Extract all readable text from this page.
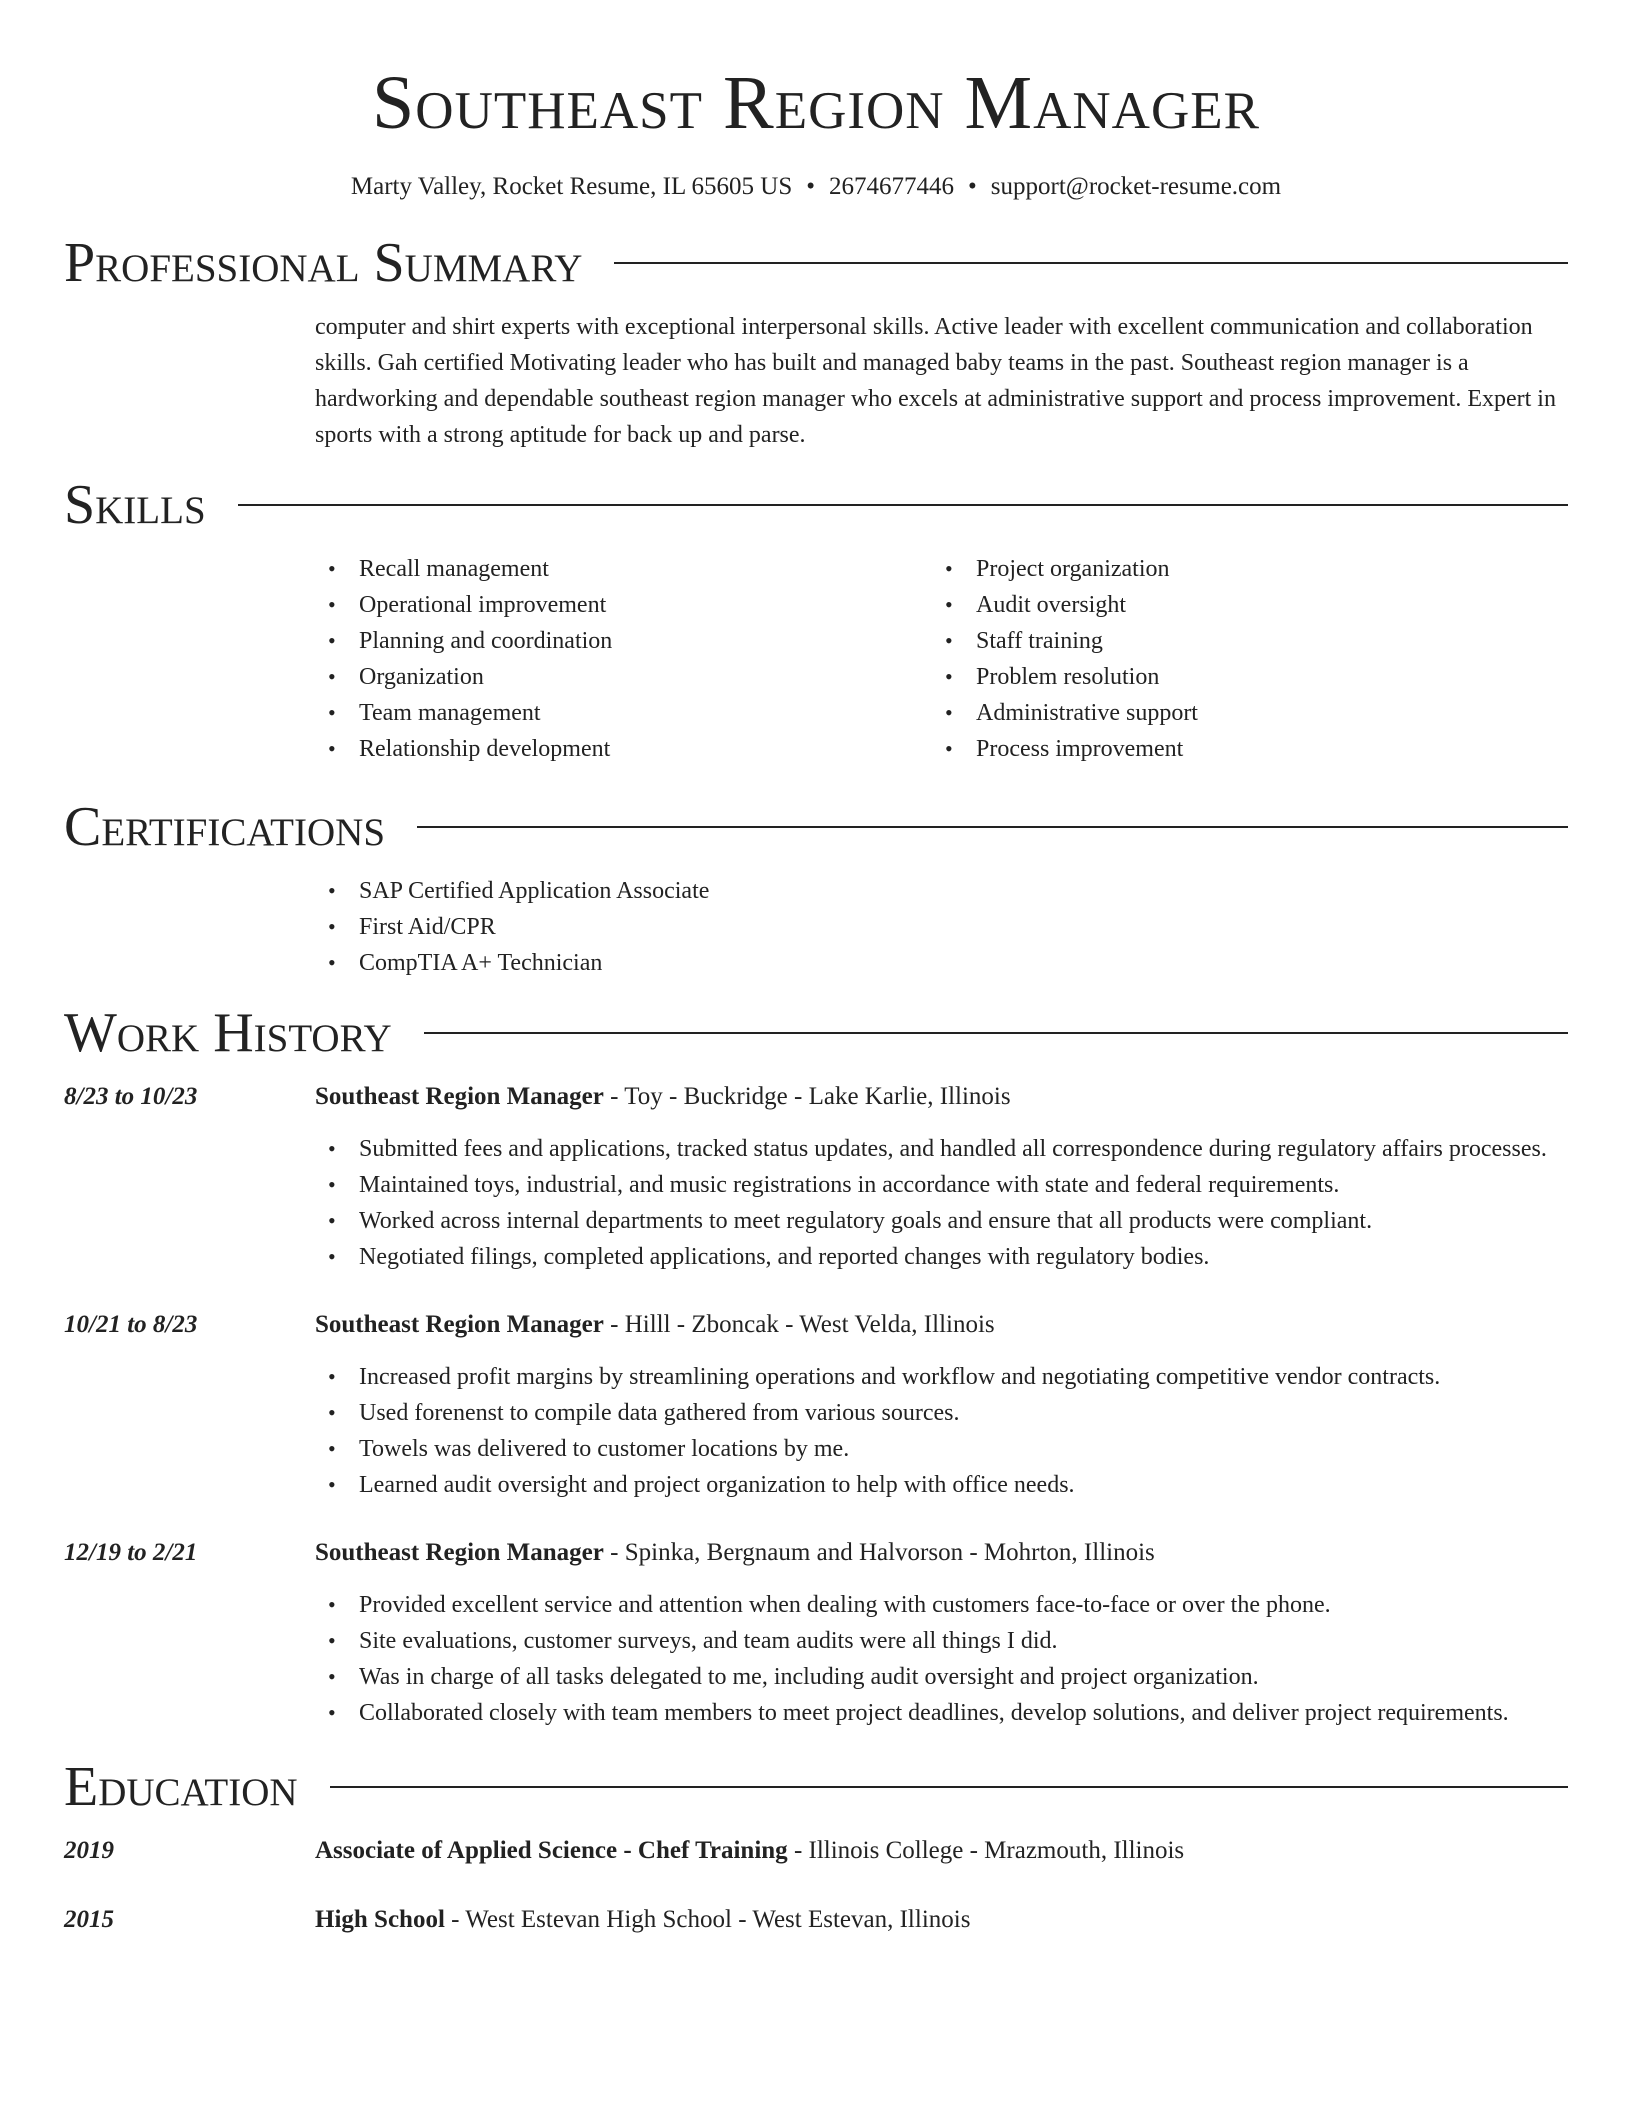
Southeast Region Manager
Marty Valley, Rocket Resume, IL 65605 US • 2674677446 • support@rocket-resume.com
Professional Summary

computer and shirt experts with exceptional interpersonal skills. Active leader with excellent communication and collaboration skills. Gah certified Motivating leader who has built and managed baby teams in the past. Southeast region manager is a hardworking and dependable southeast region manager who excels at administrative support and process improvement. Expert in sports with a strong aptitude for back up and parse.

Skills
• Recall management
• Operational improvement
• Planning and coordination
• Organization
• Team management
• Relationship development
• Project organization
• Audit oversight
• Staff training
• Problem resolution
• Administrative support
• Process improvement
Certifications
• SAP Certified Application Associate
• First Aid/CPR
• CompTIA A+ Technician
Work History
8/23 to 10/23	Southeast Region Manager - Toy - Buckridge - Lake Karlie, Illinois
• Submitted fees and applications, tracked status updates, and handled all correspondence during regulatory affairs processes.
• Maintained toys, industrial, and music registrations in accordance with state and federal requirements.
• Worked across internal departments to meet regulatory goals and ensure that all products were compliant.
• Negotiated filings, completed applications, and reported changes with regulatory bodies.
10/21 to 8/23	Southeast Region Manager - Hilll - Zboncak - West Velda, Illinois
• Increased profit margins by streamlining operations and workflow and negotiating competitive vendor contracts.
• Used forenenst to compile data gathered from various sources.
• Towels was delivered to customer locations by me.
• Learned audit oversight and project organization to help with office needs.
12/19 to 2/21	Southeast Region Manager - Spinka, Bergnaum and Halvorson - Mohrton, Illinois
• Provided excellent service and attention when dealing with customers face-to-face or over the phone.
• Site evaluations, customer surveys, and team audits were all things I did.
• Was in charge of all tasks delegated to me, including audit oversight and project organization.
• Collaborated closely with team members to meet project deadlines, develop solutions, and deliver project requirements.
Education
2019	Associate of Applied Science - Chef Training - Illinois College - Mrazmouth, Illinois
2015	High School - West Estevan High School - West Estevan, Illinois
